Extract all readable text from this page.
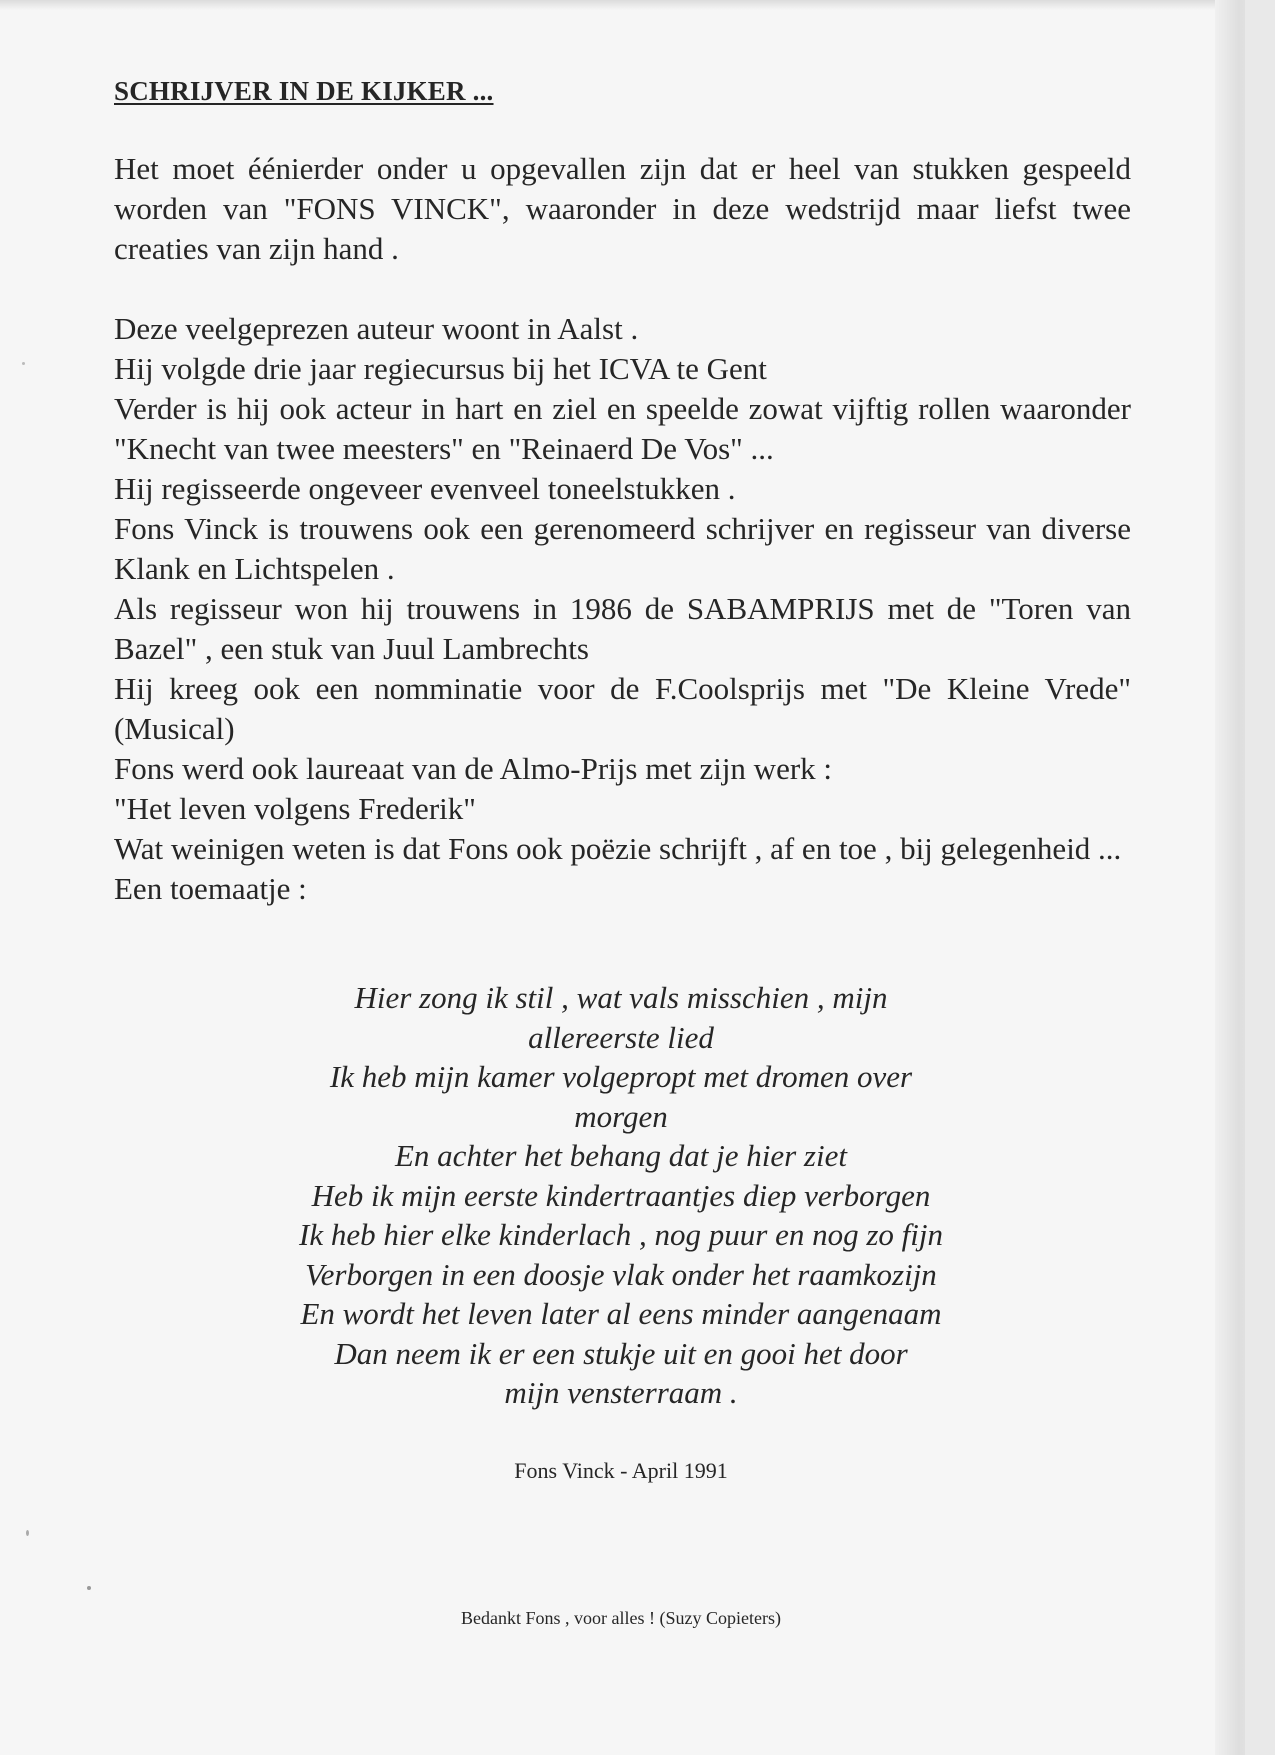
SCHRIJVER IN DE KIJKER ...

Het moet éénierder onder u opgevallen zijn dat er heel van stukken gespeeld worden van "FONS VINCK", waaronder in deze wedstrijd maar liefst twee creaties van zijn hand .

Deze veelgeprezen auteur woont in Aalst .

Hij volgde drie jaar regiecursus bij het ICVA te Gent

Verder is hij ook acteur in hart en ziel en speelde zowat vijftig rollen waaronder "Knecht van twee meesters" en "Reinaerd De Vos" ...

Hij regisseerde ongeveer evenveel toneelstukken .

Fons Vinck is trouwens ook een gerenomeerd schrijver en regisseur van diverse Klank en Lichtspelen .

Als regisseur won hij trouwens in 1986 de SABAMPRIJS met de "Toren van Bazel" , een stuk van Juul Lambrechts

Hij kreeg ook een nomminatie voor de F.Coolsprijs met "De Kleine Vrede" (Musical)

Fons werd ook laureaat van de Almo-Prijs met zijn werk :

"Het leven volgens Frederik"

Wat weinigen weten is dat Fons ook poëzie schrijft , af en toe , bij gelegenheid ...

Een toemaatje :

Hier zong ik stil , wat vals misschien , mijn
allereerste lied
Ik heb mijn kamer volgepropt met dromen over
morgen
En achter het behang dat je hier ziet
Heb ik mijn eerste kindertraantjes diep verborgen
Ik heb hier elke kinderlach , nog puur en nog zo fijn
Verborgen in een doosje vlak onder het raamkozijn
En wordt het leven later al eens minder aangenaam
Dan neem ik er een stukje uit en gooi het door
mijn vensterraam .
Fons Vinck - April 1991
Bedankt Fons , voor alles ! (Suzy Copieters)
